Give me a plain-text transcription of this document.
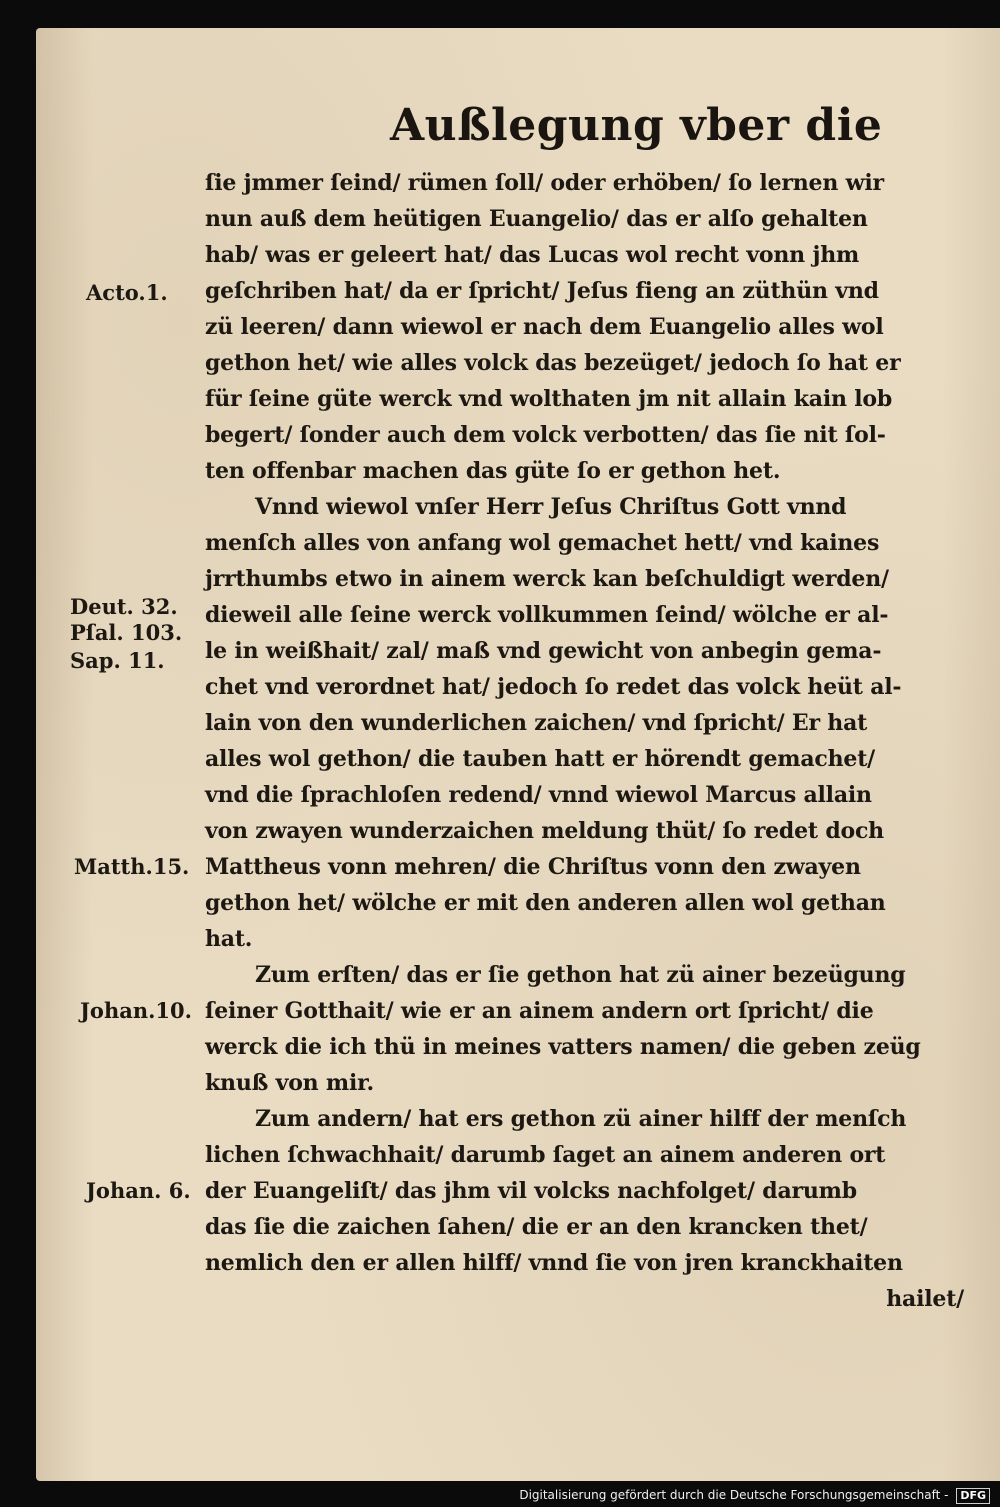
Außlegung vber die
ſie jmmer ſeind/ rümen ſoll/ oder erhöben/ ſo lernen wir
nun auß dem heütigen Euangelio/ das er alſo gehalten
hab/ was er geleert hat/ das Lucas wol recht vonn jhm
geſchriben hat/ da er ſpricht/ Jeſus fieng an züthün vnd
zü leeren/ dann wiewol er nach dem Euangelio alles wol
gethon het/ wie alles volck das bezeüget/ jedoch ſo hat er
für ſeine güte werck vnd wolthaten jm nit allain kain lob
begert/ ſonder auch dem volck verbotten/ das ſie nit ſol-
ten offenbar machen das güte ſo er gethon het.
Vnnd wiewol vnſer Herr Jeſus Chriſtus Gott vnnd
menſch alles von anfang wol gemachet hett/ vnd kaines
jrrthumbs etwo in ainem werck kan beſchuldigt werden/
dieweil alle ſeine werck vollkummen ſeind/ wölche er al-
le in weißhait/ zal/ maß vnd gewicht von anbegin gema-
chet vnd verordnet hat/ jedoch ſo redet das volck heüt al-
lain von den wunderlichen zaichen/ vnd ſpricht/ Er hat
alles wol gethon/ die tauben hatt er hörendt gemachet/
vnd die ſprachloſen redend/ vnnd wiewol Marcus allain
von zwayen wunderzaichen meldung thüt/ ſo redet doch
Mattheus vonn mehren/ die Chriſtus vonn den zwayen
gethon het/ wölche er mit den anderen allen wol gethan
hat.
Zum erſten/ das er ſie gethon hat zü ainer bezeügung
ſeiner Gotthait/ wie er an ainem andern ort ſpricht/ die
werck die ich thü in meines vatters namen/ die geben zeüg
knuß von mir.
Zum andern/ hat ers gethon zü ainer hilff der menſch
lichen ſchwachhait/ darumb ſaget an ainem anderen ort
der Euangeliſt/ das jhm vil volcks nachfolget/ darumb
das ſie die zaichen ſahen/ die er an den krancken thet/
nemlich den er allen hilff/ vnnd ſie von jren kranckhaiten
hailet/
Acto.1.
Deut. 32.
Pſal. 103.
Sap. 11.
Matth.15.
Johan.10.
Johan. 6.
Digitalisierung gefördert durch die Deutsche Forschungsgemeinschaft - DFG
